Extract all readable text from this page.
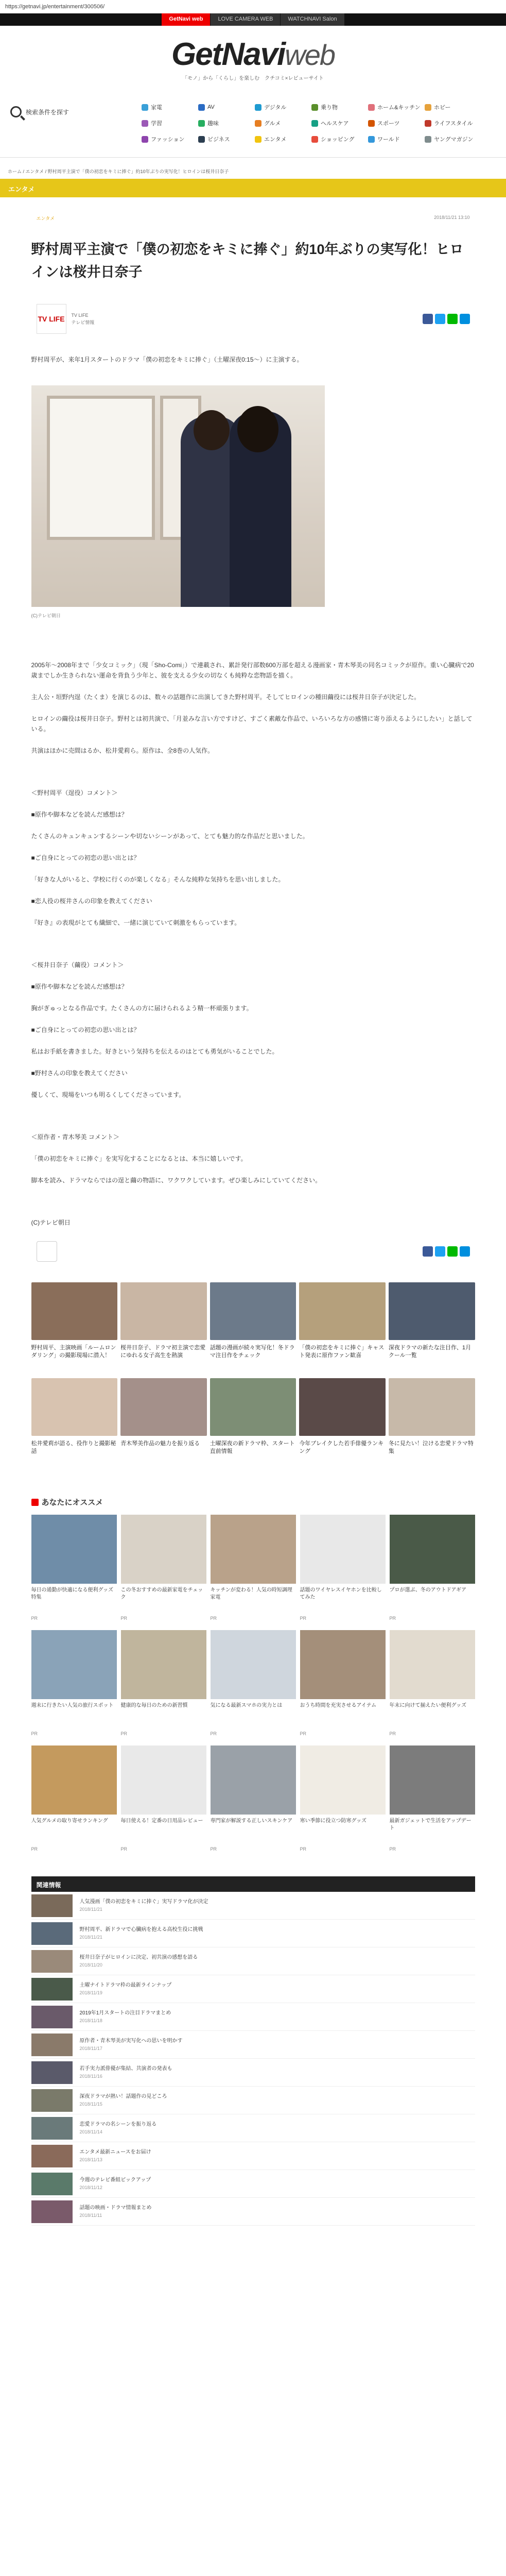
https://getnavi.jp/entertainment/300506/
GetNavi web	LOVE CAMERA WEB	WATCHNAVI Salon
GetNaviweb
「モノ」から「くらし」を楽しむ　クチコミ×レビューサイト
検索条件を探す
家電	AV	デジタル	乗り物	ホーム&キッチン ホビー
学習	趣味	グルメ	ヘルスケア	スポーツ	ライフスタイル
ファッション	ビジネス	エンタメ	ショッピング	ワールド	ヤングマガジン
ホーム / エンタメ / 野村周平主演で「僕の初恋をキミに捧ぐ」約10年ぶりの実写化！ヒロインは桜井日奈子
エンタメ
エンタメ	2018/11/21 13:10
野村周平主演で「僕の初恋をキミに捧ぐ」約10年ぶりの実写化！ヒロインは桜井日奈子
TV LIFE	TV LIFE
テレビ情報
野村周平が、来年1月スタートのドラマ「僕の初恋をキミに捧ぐ」（土曜深夜0:15〜）に主演する。
(C)テレビ朝日

2005年〜2008年まで「少女コミック」（現「Sho-Comi」）で連載され、累計発行部数600万部を超える漫画家・青木琴美の同名コミックが原作。重い心臓病で20歳までしか生きられない運命を背負う少年と、彼を支える少女の切なくも純粋な恋物語を描く。

主人公・垣野内逞（たくま）を演じるのは、数々の話題作に出演してきた野村周平。そしてヒロインの種田繭役には桜井日奈子が決定した。

ヒロインの繭役は桜井日奈子。野村とは初共演で、「月並みな言い方ですけど、すごく素敵な作品で、いろいろな方の感情に寄り添えるようにしたい」と話している。

共演はほかに売間はるか、松井愛莉ら。原作は、全8巻の人気作。

＜野村周平（逞役）コメント＞

■原作や脚本などを読んだ感想は？

たくさんのキュンキュンするシーンや切ないシーンがあって、とても魅力的な作品だと思いました。

■ご自身にとっての初恋の思い出とは？

「好きな人がいると、学校に行くのが楽しくなる」そんな純粋な気持ちを思い出しました。

■恋人役の桜井さんの印象を教えてください

『好き』の表現がとても繊細で、一緒に演じていて刺激をもらっています。

＜桜井日奈子（繭役）コメント＞

■原作や脚本などを読んだ感想は？

胸がぎゅっとなる作品です。たくさんの方に届けられるよう精一杯頑張ります。

■ご自身にとっての初恋の思い出とは？

私はお手紙を書きました。好きという気持ちを伝えるのはとても勇気がいることでした。

■野村さんの印象を教えてください

優しくて、現場をいつも明るくしてくださっています。

＜原作者・青木琴美 コメント＞

「僕の初恋をキミに捧ぐ」を実写化することになるとは、本当に嬉しいです。

脚本を読み、ドラマならではの逞と繭の物語に、ワクワクしています。ぜひ楽しみにしていてください。

(C)テレビ朝日

野村周平、主演映画「ルームロンダリング」の撮影現場に潜入！
桜井日奈子、ドラマ初主演で恋愛にゆれる女子高生を熱演
話題の漫画が続々実写化！冬ドラマ注目作をチェック
「僕の初恋をキミに捧ぐ」キャスト発表に原作ファン歓喜
深夜ドラマの新たな注目作、1月クール一覧
松井愛莉が語る、役作りと撮影秘話
青木琴美作品の魅力を振り返る	土曜深夜の新ドラマ枠、スタート直前情報
今年ブレイクした若手俳優ランキング
冬に見たい！泣ける恋愛ドラマ特集
あなたにオススメ
毎日の通勤が快適になる便利グッズ特集
PR
この冬おすすめの最新家電をチェック
PR
キッチンが変わる！人気の時短調理家電
PR
話題のワイヤレスイヤホンを比較してみた
PR
プロが選ぶ、冬のアウトドアギア
PR
週末に行きたい人気の旅行スポット
PR
健康的な毎日のための新習慣
PR
気になる最新スマホの実力とは
PR
おうち時間を充実させるアイテム
PR
年末に向けて揃えたい便利グッズ
PR
人気グルメの取り寄せランキング
PR
毎日使える！定番の日用品レビュー
PR
専門家が解説する正しいスキンケア
PR
寒い季節に役立つ防寒グッズ
PR
最新ガジェットで生活をアップデート
PR
関連情報
人気漫画「僕の初恋をキミに捧ぐ」実写ドラマ化が決定
2018/11/21
野村周平、新ドラマで心臓病を抱える高校生役に挑戦
2018/11/21
桜井日奈子がヒロインに決定、初共演の感想を語る
2018/11/20
土曜ナイトドラマ枠の最新ラインナップ
2018/11/19
2019年1月スタートの注目ドラマまとめ
2018/11/18
原作者・青木琴美が実写化への思いを明かす
2018/11/17
若手実力派俳優が集結、共演者の発表も
2018/11/16
深夜ドラマが熱い！話題作の見どころ
2018/11/15
恋愛ドラマの名シーンを振り返る
2018/11/14
エンタメ最新ニュースをお届け
2018/11/13
今週のテレビ番組ピックアップ
2018/11/12
話題の映画・ドラマ情報まとめ
2018/11/11
